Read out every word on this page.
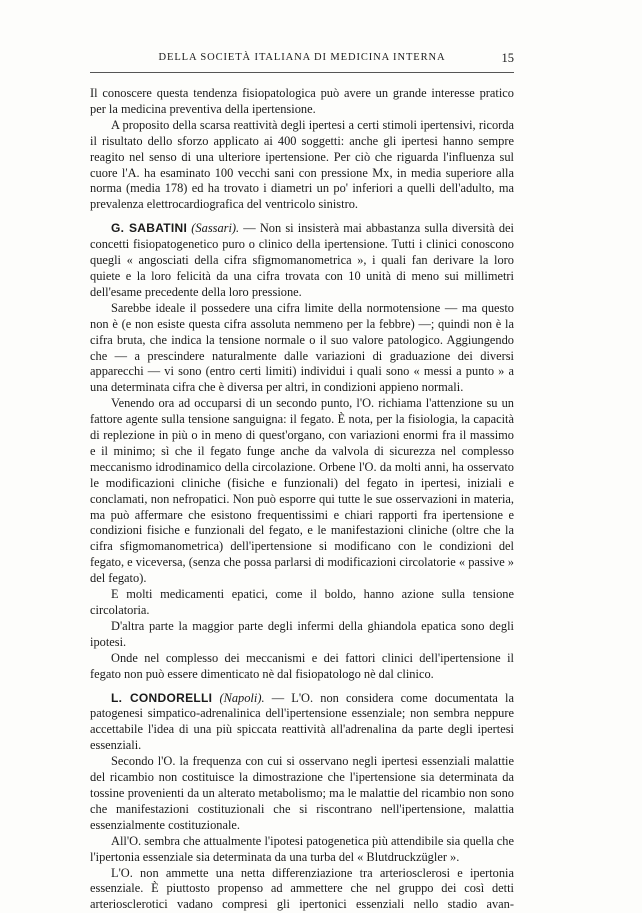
DELLA SOCIETÀ ITALIANA DI MEDICINA INTERNA	15

Il conoscere questa tendenza fisiopatologica può avere un grande interesse pratico per la medicina preventiva della ipertensione.

A proposito della scarsa reattività degli ipertesi a certi stimoli ipertensivi, ricorda il risultato dello sforzo applicato ai 400 soggetti: anche gli ipertesi hanno sempre reagito nel senso di una ulteriore ipertensione. Per ciò che riguarda l'influenza sul cuore l'A. ha esaminato 100 vecchi sani con pressione Mx, in media superiore alla norma (media 178) ed ha trovato i diametri un po' inferiori a quelli dell'adulto, ma prevalenza elettrocardiografica del ventricolo sinistro.

G. SABATINI (Sassari). — Non si insisterà mai abbastanza sulla diversità dei concetti fisiopatogenetico puro o clinico della ipertensione. Tutti i clinici conoscono quegli « angosciati della cifra sfigmomanometrica », i quali fan derivare la loro quiete e la loro felicità da una cifra trovata con 10 unità di meno sui millimetri dell'esame precedente della loro pressione.

Sarebbe ideale il possedere una cifra limite della normotensione — ma questo non è (e non esiste questa cifra assoluta nemmeno per la febbre) —; quindi non è la cifra bruta, che indica la tensione normale o il suo valore patologico. Aggiungendo che — a prescindere naturalmente dalle variazioni di graduazione dei diversi apparecchi — vi sono (entro certi limiti) individui i quali sono « messi a punto » a una determinata cifra che è diversa per altri, in condizioni appieno normali.

Venendo ora ad occuparsi di un secondo punto, l'O. richiama l'attenzione su un fattore agente sulla tensione sanguigna: il fegato. È nota, per la fisiologia, la capacità di replezione in più o in meno di quest'organo, con variazioni enormi fra il massimo e il minimo; sì che il fegato funge anche da valvola di sicurezza nel complesso meccanismo idrodinamico della circolazione. Orbene l'O. da molti anni, ha osservato le modificazioni cliniche (fisiche e funzionali) del fegato in ipertesi, iniziali e conclamati, non nefropatici. Non può esporre qui tutte le sue osservazioni in materia, ma può affermare che esistono frequentissimi e chiari rapporti fra ipertensione e condizioni fisiche e funzionali del fegato, e le manifestazioni cliniche (oltre che la cifra sfigmomanometrica) dell'ipertensione si modificano con le condizioni del fegato, e viceversa, (senza che possa parlarsi di modificazioni circolatorie « passive » del fegato).

E molti medicamenti epatici, come il boldo, hanno azione sulla tensione circolatoria.

D'altra parte la maggior parte degli infermi della ghiandola epatica sono degli ipotesi.

Onde nel complesso dei meccanismi e dei fattori clinici dell'ipertensione il fegato non può essere dimenticato nè dal fisiopatologo nè dal clinico.

L. CONDORELLI (Napoli). — L'O. non considera come documentata la patogenesi simpatico-adrenalinica dell'ipertensione essenziale; non sembra neppure accettabile l'idea di una più spiccata reattività all'adrenalina da parte degli ipertesi essenziali.

Secondo l'O. la frequenza con cui si osservano negli ipertesi essenziali malattie del ricambio non costituisce la dimostrazione che l'ipertensione sia determinata da tossine provenienti da un alterato metabolismo; ma le malattie del ricambio non sono che manifestazioni costituzionali che si riscontrano nell'ipertensione, malattia essenzialmente costituzionale.

All'O. sembra che attualmente l'ipotesi patogenetica più attendibile sia quella che l'ipertonia essenziale sia determinata da una turba del « Blutdruckzügler ».

L'O. non ammette una netta differenziazione tra arteriosclerosi e ipertonia essenziale. È piuttosto propenso ad ammettere che nel gruppo dei così detti arteriosclerotici vadano compresi gli ipertonici essenziali nello stadio avan-
